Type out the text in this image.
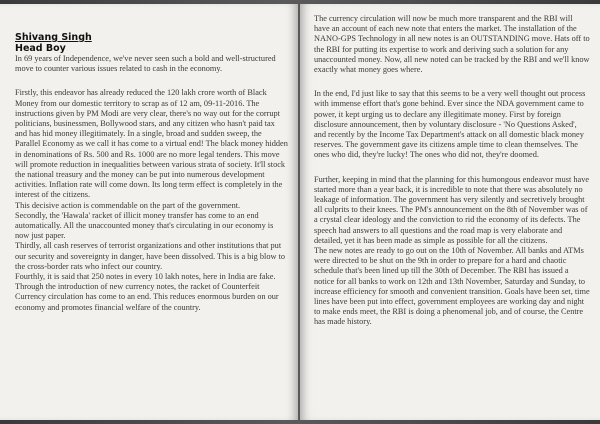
Shivang Singh

Head Boy

In 69 years of Independence, we've never seen such a bold and well-structured move to counter various issues related to cash in the economy.

Firstly, this endeavor has already reduced the 120 lakh crore worth of Black Money from our domestic territory to scrap as of 12 am, 09-11-2016. The instructions given by PM Modi are very clear, there's no way out for the corrupt politicians, businessmen, Bollywood stars, and any citizen who hasn't paid tax and has hid money illegitimately. In a single, broad and sudden sweep, the Parallel Economy as we call it has come to a virtual end! The black money hidden in denominations of Rs. 500 and Rs. 1000 are no more legal tenders. This move will promote reduction in inequalities between various strata of society. It'll stock the national treasury and the money can be put into numerous development activities. Inflation rate will come down. Its long term effect is completely in the interest of the citizens.

This decisive action is commendable on the part of the government.

Secondly, the 'Hawala' racket of illicit money transfer has come to an end automatically. All the unaccounted money that's circulating in our economy is now just paper.

Thirdly, all cash reserves of terrorist organizations and other institutions that put our security and sovereignty in danger, have been dissolved. This is a big blow to the cross-border rats who infect our country.

Fourthly, it is said that 250 notes in every 10 lakh notes, here in India are fake. Through the introduction of new currency notes, the racket of Counterfeit Currency circulation has come to an end. This reduces enormous burden on our economy and promotes financial welfare of the country.

The currency circulation will now be much more transparent and the RBI will have an account of each new note that enters the market. The installation of the NANO-GPS Technology in all new notes is an OUTSTANDING move. Hats off to the RBI for putting its expertise to work and deriving such a solution for any unaccounted money. Now, all new noted can be tracked by the RBI and we'll know exactly what money goes where.

In the end, I'd just like to say that this seems to be a very well thought out process with immense effort that's gone behind. Ever since the NDA government came to power, it kept urging us to declare any illegitimate money. First by foreign disclosure announcement, then by voluntary disclosure - 'No Questions Asked', and recently by the Income Tax Department's attack on all domestic black money reserves. The government gave its citizens ample time to clean themselves. The ones who did, they're lucky! The ones who did not, they're doomed.

Further, keeping in mind that the planning for this humongous endeavor must have started more than a year back, it is incredible to note that there was absolutely no leakage of information. The government has very silently and secretively brought all culprits to their knees. The PM's announcement on the 8th of November was of a crystal clear ideology and the conviction to rid the economy of its defects. The speech had answers to all questions and the road map is very elaborate and detailed, yet it has been made as simple as possible for all the citizens.

The new notes are ready to go out on the 10th of November. All banks and ATMs were directed to be shut on the 9th in order to prepare for a hard and chaotic schedule that's been lined up till the 30th of December. The RBI has issued a notice for all banks to work on 12th and 13th November, Saturday and Sunday, to increase efficiency for smooth and convenient transition. Goals have been set, time lines have been put into effect, government employees are working day and night to make ends meet, the RBI is doing a phenomenal job, and of course, the Centre has made history.
